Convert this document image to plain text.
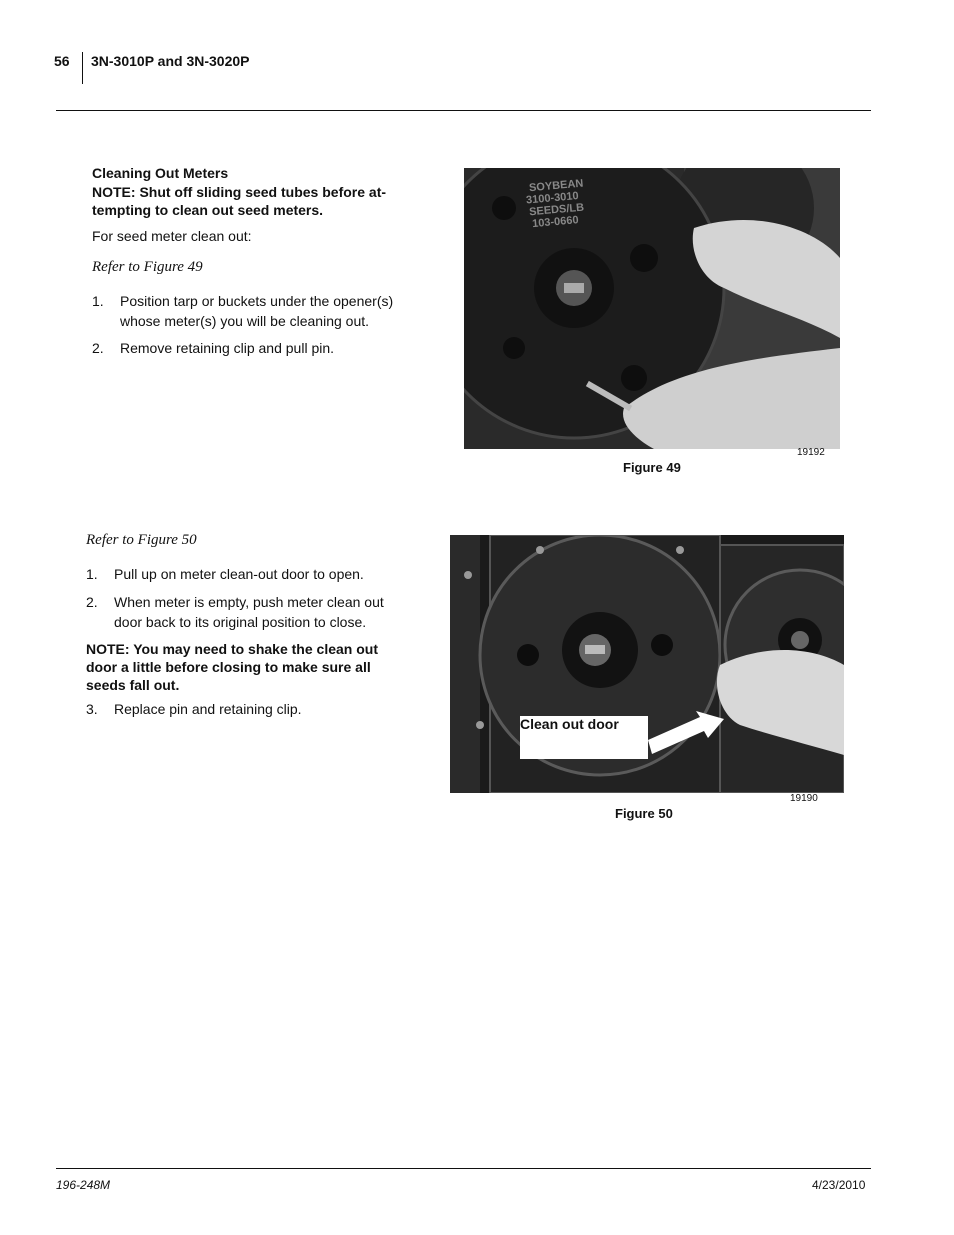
56 3N-3010P and 3N-3020P
Cleaning Out Meters
NOTE: Shut off sliding seed tubes before at-
tempting to clean out seed meters.
For seed meter clean out:
Refer to Figure 49
1. Position tarp or buckets under the opener(s)
whose meter(s) you will be cleaning out.
2. Remove retaining clip and pull pin.
SOYBEAN
3100-3010
SEEDS/LB
103-0660
19192
Figure 49
Refer to Figure 50
1. Pull up on meter clean-out door to open.
2. When meter is empty, push meter clean out
door back to its original position to close.
NOTE: You may need to shake the clean out
door a little before closing to make sure all
seeds fall out.
3. Replace pin and retaining clip.
Clean out door
19190
Figure 50
196-248M	4/23/2010
